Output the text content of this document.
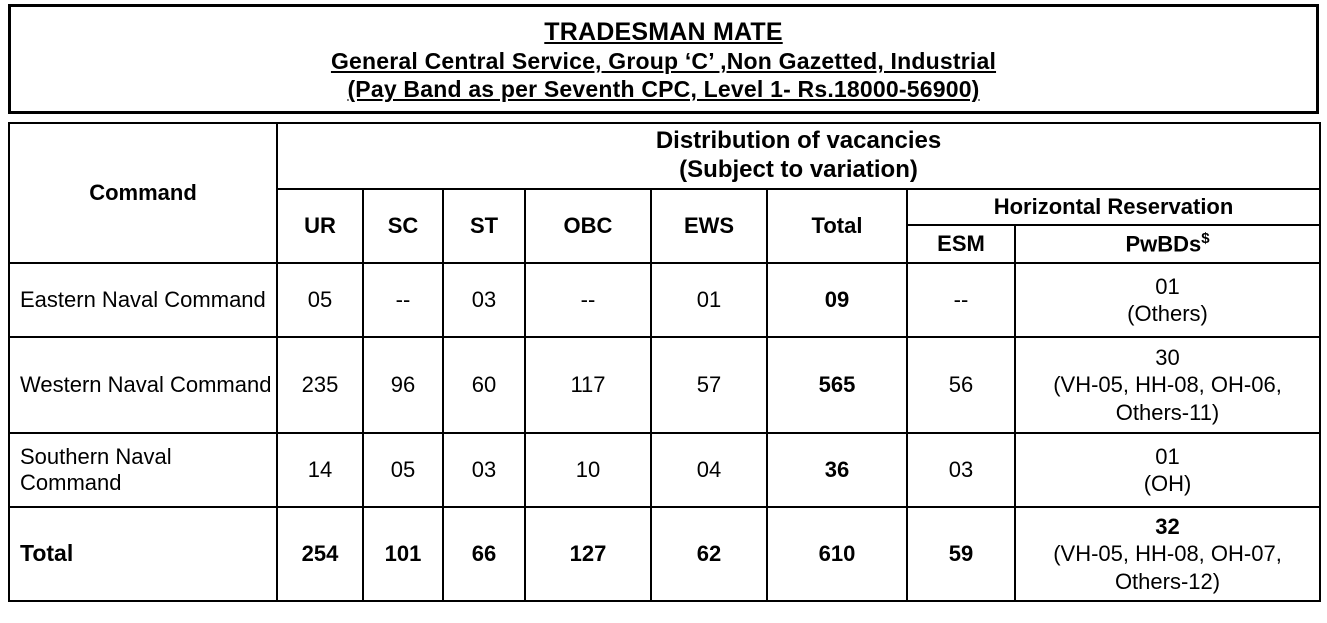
TRADESMAN MATE
General Central Service, Group ‘C’ ,Non Gazetted, Industrial
(Pay Band as per Seventh CPC, Level 1- Rs.18000-56900)
Command	Distribution of vacancies
(Subject to variation)							

	UR	SC	ST	OBC	EWS	Total	Horizontal Reservation	
							ESM	PwBDs$
Eastern Naval Command	05	--	03	--	01	09	--	01
(Others)

Western Naval Command	235	96	60	117	57	565	56	30
(VH-05, HH-08, OH-06, Others-11)

Southern Naval Command	14	05	03	10	04	36	03	01
(OH)

Total	254	101	66	127	62	610	59	32
(VH-05, HH-08, OH-07, Others-12)
